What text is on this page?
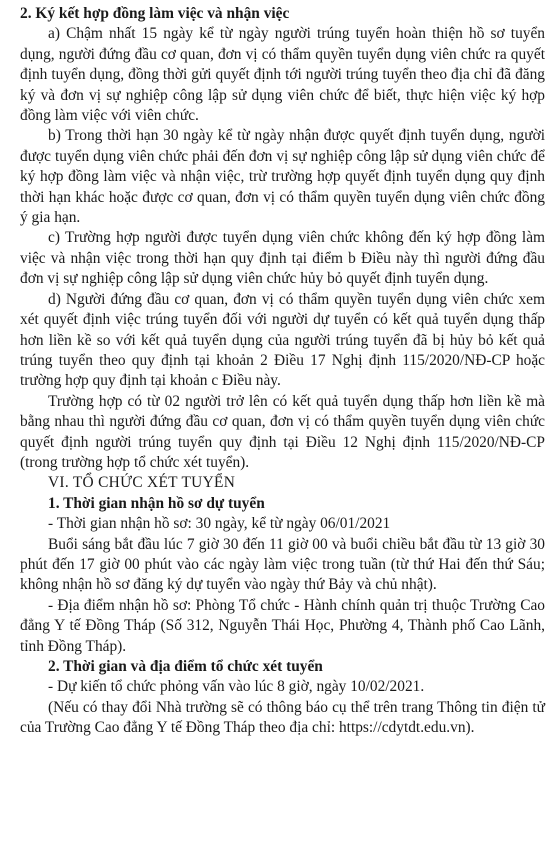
2. Ký kết hợp đồng làm việc và nhận việc

a) Chậm nhất 15 ngày kể từ ngày người trúng tuyển hoàn thiện hồ sơ tuyển dụng, người đứng đầu cơ quan, đơn vị có thẩm quyền tuyển dụng viên chức ra quyết định tuyển dụng, đồng thời gửi quyết định tới người trúng tuyển theo địa chỉ đã đăng ký và đơn vị sự nghiệp công lập sử dụng viên chức để biết, thực hiện việc ký hợp đồng làm việc với viên chức.

b) Trong thời hạn 30 ngày kể từ ngày nhận được quyết định tuyển dụng, người được tuyển dụng viên chức phải đến đơn vị sự nghiệp công lập sử dụng viên chức để ký hợp đồng làm việc và nhận việc, trừ trường hợp quyết định tuyển dụng quy định thời hạn khác hoặc được cơ quan, đơn vị có thẩm quyền tuyển dụng viên chức đồng ý gia hạn.

c) Trường hợp người được tuyển dụng viên chức không đến ký hợp đồng làm việc và nhận việc trong thời hạn quy định tại điểm b Điều này thì người đứng đầu đơn vị sự nghiệp công lập sử dụng viên chức hủy bỏ quyết định tuyển dụng.

d) Người đứng đầu cơ quan, đơn vị có thẩm quyền tuyển dụng viên chức xem xét quyết định việc trúng tuyển đối với người dự tuyển có kết quả tuyển dụng thấp hơn liền kề so với kết quả tuyển dụng của người trúng tuyển đã bị hủy bỏ kết quả trúng tuyển theo quy định tại khoản 2 Điều 17 Nghị định 115/2020/NĐ-CP hoặc trường hợp quy định tại khoản c Điều này.

Trường hợp có từ 02 người trở lên có kết quả tuyển dụng thấp hơn liền kề mà bằng nhau thì người đứng đầu cơ quan, đơn vị có thẩm quyền tuyển dụng viên chức quyết định người trúng tuyển quy định tại Điều 12 Nghị định 115/2020/NĐ-CP (trong trường hợp tổ chức xét tuyển).

VI. TỔ CHỨC XÉT TUYỂN

1. Thời gian nhận hồ sơ dự tuyển

- Thời gian nhận hồ sơ: 30 ngày, kể từ ngày 06/01/2021

Buổi sáng bắt đầu lúc 7 giờ 30 đến 11 giờ 00 và buổi chiều bắt đầu từ 13 giờ 30 phút đến 17 giờ 00 phút vào các ngày làm việc trong tuần (từ thứ Hai đến thứ Sáu; không nhận hồ sơ đăng ký dự tuyển vào ngày thứ Bảy và chủ nhật).

- Địa điểm nhận hồ sơ: Phòng Tổ chức - Hành chính quản trị thuộc Trường Cao đẳng Y tế Đồng Tháp (Số 312, Nguyễn Thái Học, Phường 4, Thành phố Cao Lãnh, tỉnh Đồng Tháp).

2. Thời gian và địa điểm tổ chức xét tuyển

- Dự kiến tổ chức phỏng vấn vào lúc 8 giờ, ngày 10/02/2021.

(Nếu có thay đổi Nhà trường sẽ có thông báo cụ thể trên trang Thông tin điện tử của Trường Cao đẳng Y tế Đồng Tháp theo địa chỉ: https://cdytdt.edu.vn).
